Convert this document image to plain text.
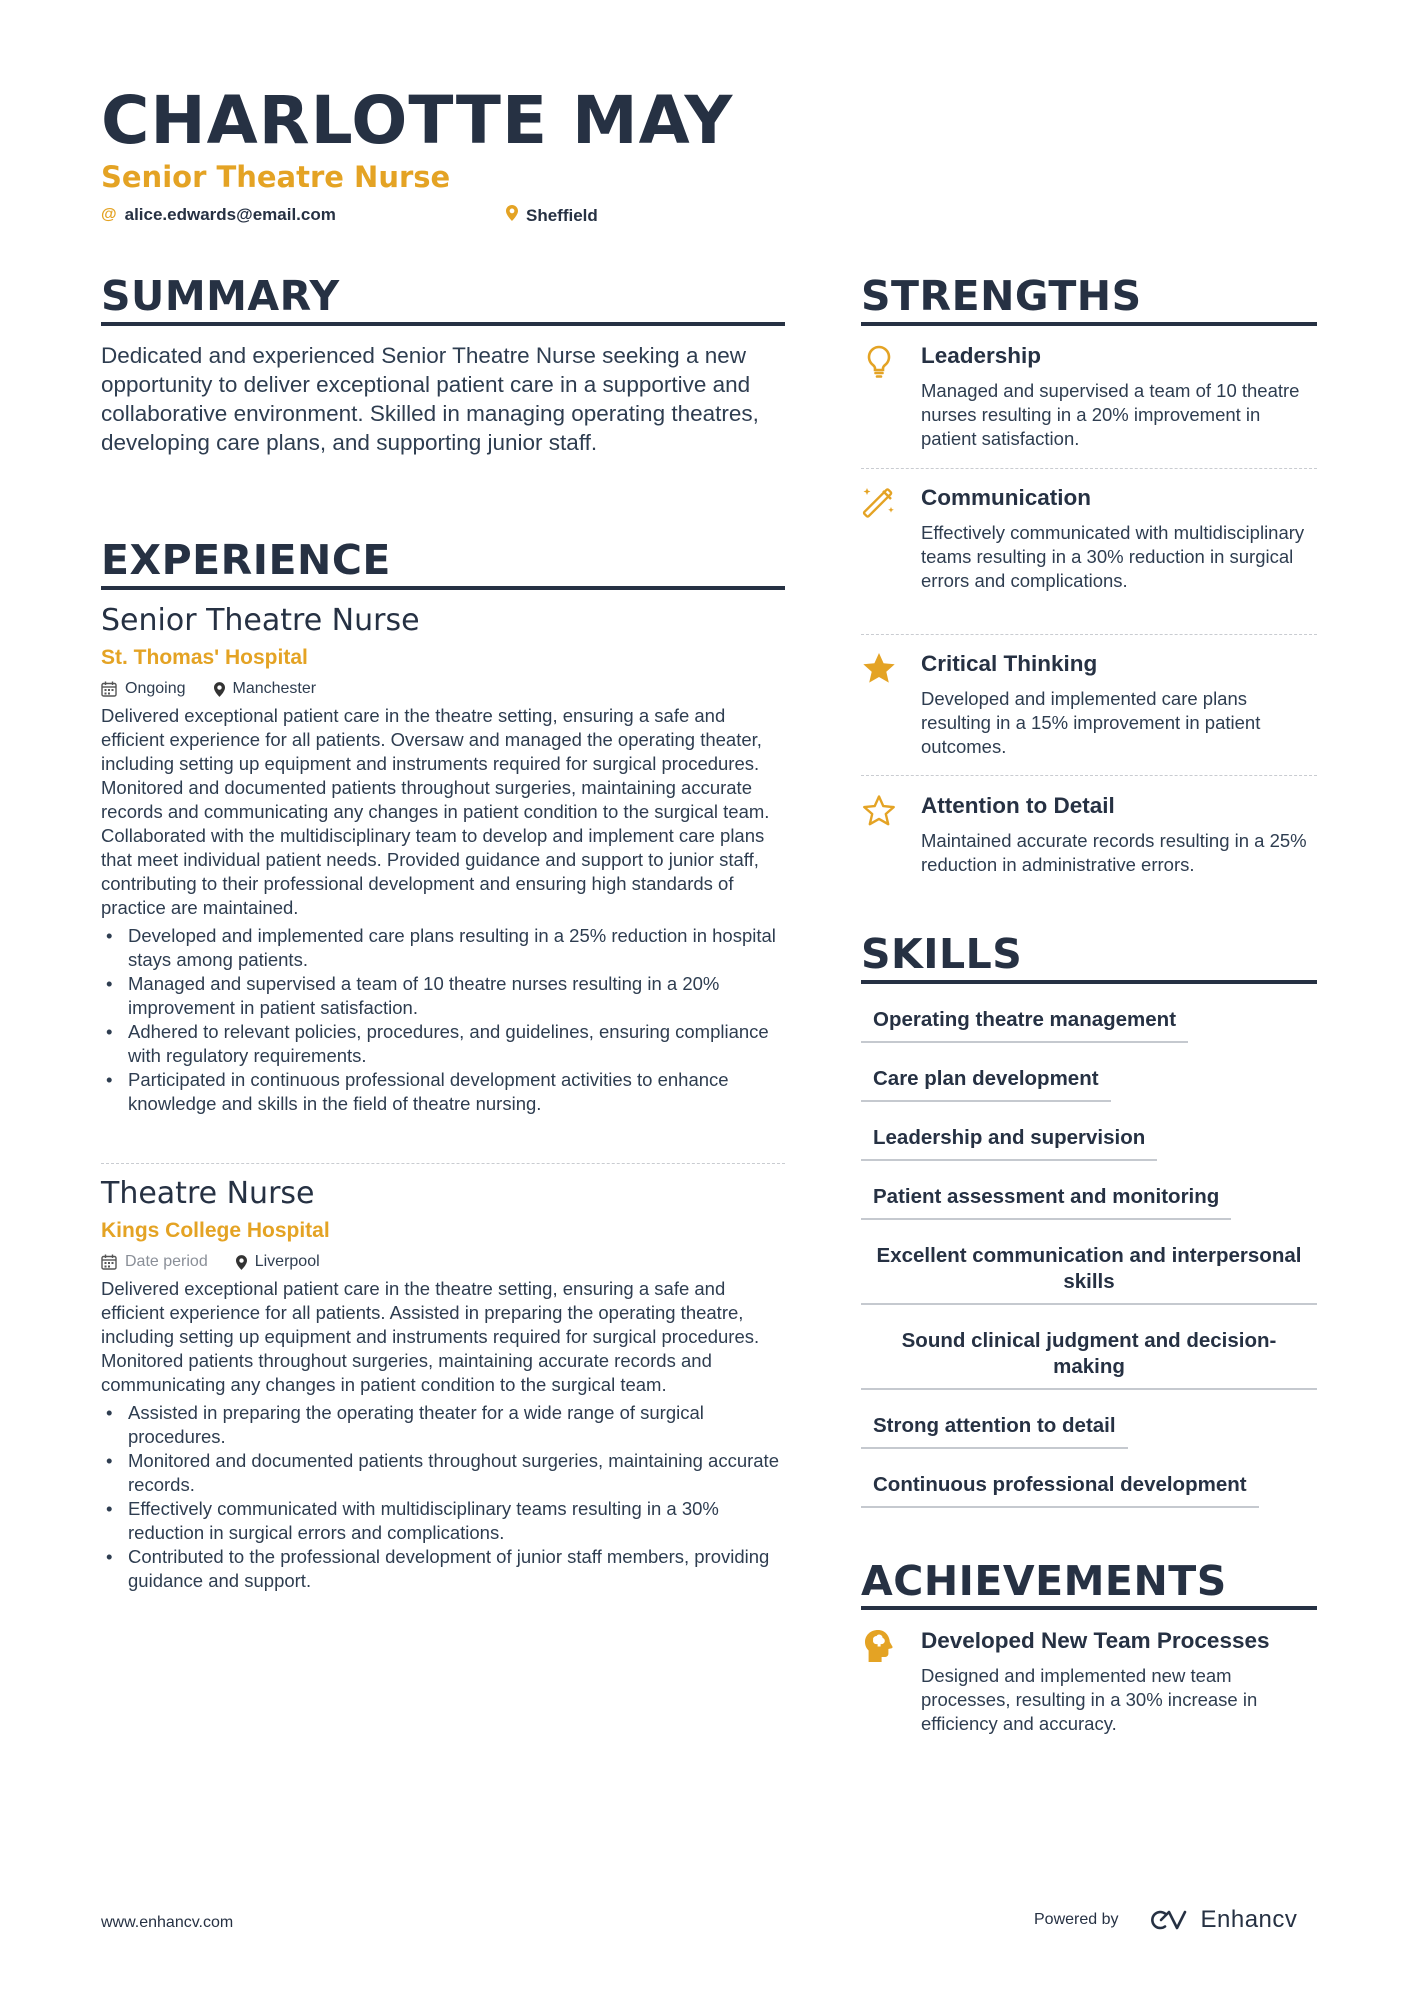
CHARLOTTE MAY
Senior Theatre Nurse
@ alice.edwards@email.com	Sheffield
SUMMARY
Dedicated and experienced Senior Theatre Nurse seeking a new opportunity to deliver exceptional patient care in a supportive and collaborative environment. Skilled in managing operating theatres, developing care plans, and supporting junior staff.
EXPERIENCE
Senior Theatre Nurse
St. Thomas' Hospital
Ongoing	Manchester
Delivered exceptional patient care in the theatre setting, ensuring a safe and efficient experience for all patients. Oversaw and managed the operating theater, including setting up equipment and instruments required for surgical procedures. Monitored and documented patients throughout surgeries, maintaining accurate records and communicating any changes in patient condition to the surgical team. Collaborated with the multidisciplinary team to develop and implement care plans that meet individual patient needs. Provided guidance and support to junior staff, contributing to their professional development and ensuring high standards of practice are maintained.
• Developed and implemented care plans resulting in a 25% reduction in hospital stays among patients.
• Managed and supervised a team of 10 theatre nurses resulting in a 20% improvement in patient satisfaction.
• Adhered to relevant policies, procedures, and guidelines, ensuring compliance with regulatory requirements.
• Participated in continuous professional development activities to enhance knowledge and skills in the field of theatre nursing.
Theatre Nurse
Kings College Hospital
Date period	Liverpool
Delivered exceptional patient care in the theatre setting, ensuring a safe and efficient experience for all patients. Assisted in preparing the operating theatre, including setting up equipment and instruments required for surgical procedures. Monitored patients throughout surgeries, maintaining accurate records and communicating any changes in patient condition to the surgical team.
• Assisted in preparing the operating theater for a wide range of surgical procedures.
• Monitored and documented patients throughout surgeries, maintaining accurate records.
• Effectively communicated with multidisciplinary teams resulting in a 30% reduction in surgical errors and complications.
• Contributed to the professional development of junior staff members, providing guidance and support.
STRENGTHS
Leadership
Managed and supervised a team of 10 theatre nurses resulting in a 20% improvement in patient satisfaction.
Communication
Effectively communicated with multidisciplinary teams resulting in a 30% reduction in surgical errors and complications.
Critical Thinking
Developed and implemented care plans resulting in a 15% improvement in patient outcomes.
Attention to Detail
Maintained accurate records resulting in a 25% reduction in administrative errors.
SKILLS
Operating theatre management
Care plan development
Leadership and supervision
Patient assessment and monitoring
Excellent communication and interpersonal skills
Sound clinical judgment and decision-making
Strong attention to detail
Continuous professional development
ACHIEVEMENTS
Developed New Team Processes
Designed and implemented new team processes, resulting in a 30% increase in efficiency and accuracy.
www.enhancv.com	Powered by	Enhancv
